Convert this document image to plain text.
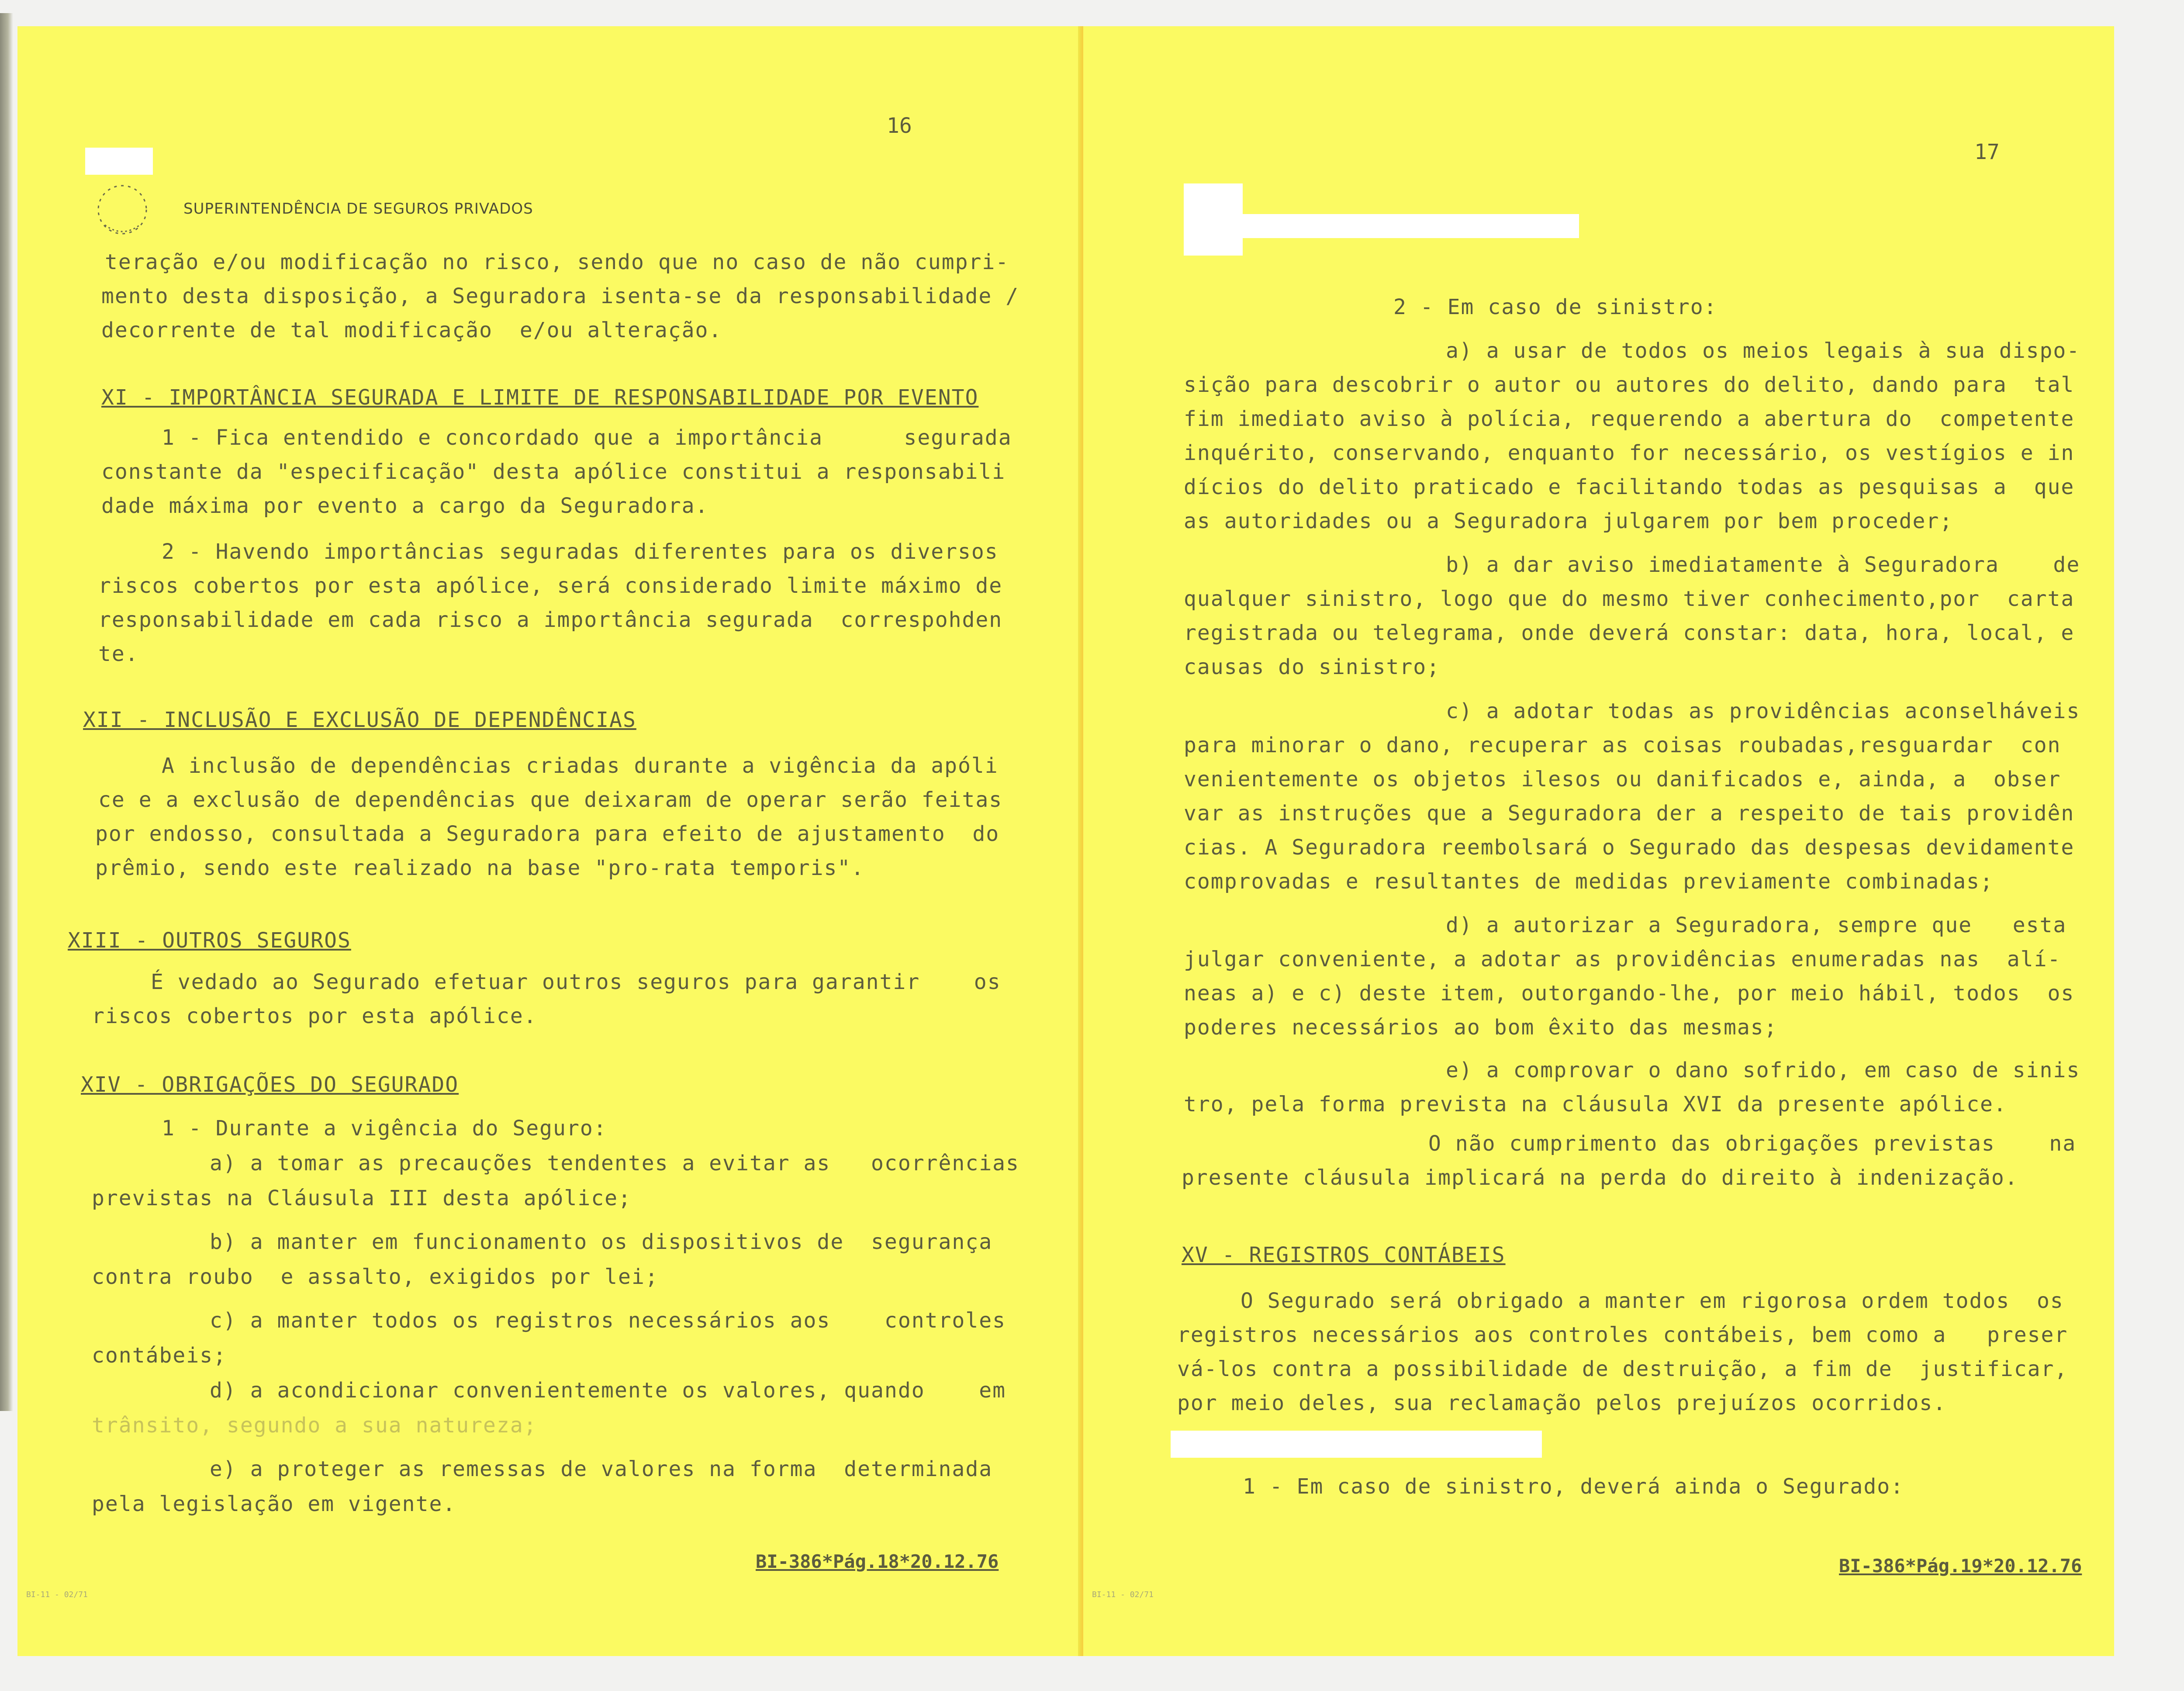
16
SUPERINTENDÊNCIA DE SEGUROS PRIVADOS
teração e/ou modificação no risco, sendo que no caso de não cumpri-
mento desta disposição, a Seguradora isenta-se da responsabilidade /
decorrente de tal modificação  e/ou alteração.
XI - IMPORTÂNCIA SEGURADA E LIMITE DE RESPONSABILIDADE POR EVENTO
1 - Fica entendido e concordado que a importância      segurada
constante da "especificação" desta apólice constitui a responsabili
dade máxima por evento a cargo da Seguradora.
2 - Havendo importâncias seguradas diferentes para os diversos
riscos cobertos por esta apólice, será considerado limite máximo de
responsabilidade em cada risco a importância segurada  correspohden
te.
XII - INCLUSÃO E EXCLUSÃO DE DEPENDÊNCIAS
A inclusão de dependências criadas durante a vigência da apóli
ce e a exclusão de dependências que deixaram de operar serão feitas
por endosso, consultada a Seguradora para efeito de ajustamento  do
prêmio, sendo este realizado na base "pro-rata temporis".
XIII - OUTROS SEGUROS
É vedado ao Segurado efetuar outros seguros para garantir    os
riscos cobertos por esta apólice.
XIV - OBRIGAÇÕES DO SEGURADO
1 - Durante a vigência do Seguro:
a) a tomar as precauções tendentes a evitar as   ocorrências
previstas na Cláusula III desta apólice;
b) a manter em funcionamento os dispositivos de  segurança
contra roubo  e assalto, exigidos por lei;
c) a manter todos os registros necessários aos    controles
contábeis;
d) a acondicionar convenientemente os valores, quando    em
trânsito, segundo a sua natureza;
e) a proteger as remessas de valores na forma  determinada
pela legislação em vigente.
BI-386*Pág.18*20.12.76
BI-11 - 02/71
17
2 - Em caso de sinistro:
a) a usar de todos os meios legais à sua dispo-
sição para descobrir o autor ou autores do delito, dando para  tal
fim imediato aviso à polícia, requerendo a abertura do  competente
inquérito, conservando, enquanto for necessário, os vestígios e in
dícios do delito praticado e facilitando todas as pesquisas a  que
as autoridades ou a Seguradora julgarem por bem proceder;
b) a dar aviso imediatamente à Seguradora    de
qualquer sinistro, logo que do mesmo tiver conhecimento,por  carta
registrada ou telegrama, onde deverá constar: data, hora, local, e
causas do sinistro;
c) a adotar todas as providências aconselháveis
para minorar o dano, recuperar as coisas roubadas,resguardar  con
venientemente os objetos ilesos ou danificados e, ainda, a  obser
var as instruções que a Seguradora der a respeito de tais providên
cias. A Seguradora reembolsará o Segurado das despesas devidamente
comprovadas e resultantes de medidas previamente combinadas;
d) a autorizar a Seguradora, sempre que   esta
julgar conveniente, a adotar as providências enumeradas nas  alí-
neas a) e c) deste item, outorgando-lhe, por meio hábil, todos  os
poderes necessários ao bom êxito das mesmas;
e) a comprovar o dano sofrido, em caso de sinis
tro, pela forma prevista na cláusula XVI da presente apólice.
O não cumprimento das obrigações previstas    na
presente cláusula implicará na perda do direito à indenização.
XV - REGISTROS CONTÁBEIS
O Segurado será obrigado a manter em rigorosa ordem todos  os
registros necessários aos controles contábeis, bem como a   preser
vá-los contra a possibilidade de destruição, a fim de  justificar,
por meio deles, sua reclamação pelos prejuízos ocorridos.
1 - Em caso de sinistro, deverá ainda o Segurado:
BI-386*Pág.19*20.12.76
BI-11 - 02/71
